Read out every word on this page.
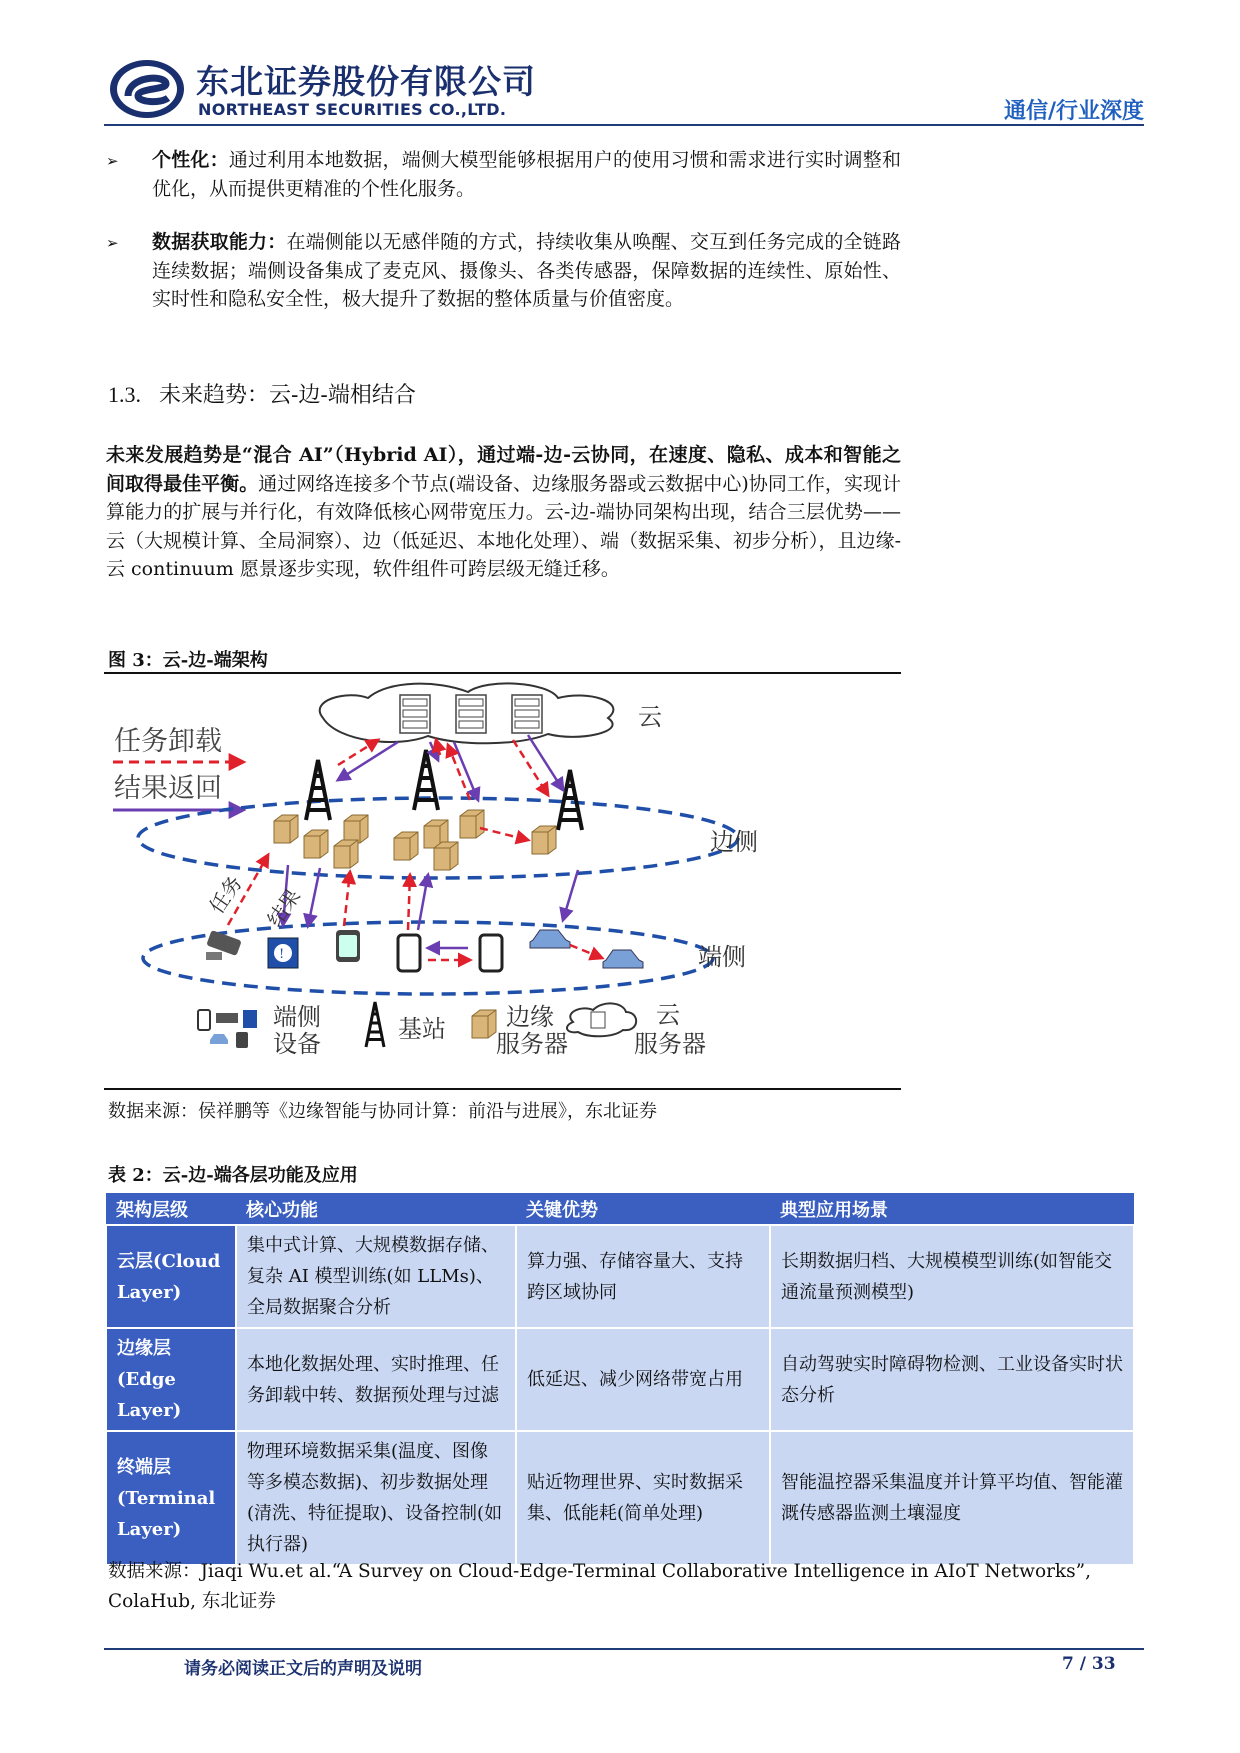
东北证券股份有限公司
NORTHEAST SECURITIES CO.,LTD.	通信/行业深度
➢ 个性化：通过利用本地数据，端侧大模型能够根据用户的使用习惯和需求进行实时调整和优化，从而提供更精准的个性化服务。
➢ 数据获取能力：在端侧能以无感伴随的方式，持续收集从唤醒、交互到任务完成的全链路连续数据；端侧设备集成了麦克风、摄像头、各类传感器，保障数据的连续性、原始性、实时性和隐私安全性，极大提升了数据的整体质量与价值密度。
1.3. 未来趋势：云-边-端相结合
未来发展趋势是“混合 AI”（Hybrid AI），通过端-边-云协同，在速度、隐私、成本和智能之间取得最佳平衡。通过网络连接多个节点(端设备、边缘服务器或云数据中心)协同工作，实现计算能力的扩展与并行化，有效降低核心网带宽压力。云-边-端协同架构出现，结合三层优势——云（大规模计算、全局洞察）、边（低延迟、本地化处理）、端（数据采集、初步分析），且边缘-云 continuum 愿景逐步实现，软件组件可跨层级无缝迁移。
图 3：云-边-端架构
云
任务卸载
结果返回
边侧
端侧
任务 结果
!
端侧
设备
基站	边缘
服务器
云
服务器
数据来源：侯祥鹏等《边缘智能与协同计算：前沿与进展》，东北证券
表 2：云-边-端各层功能及应用
架构层级	核心功能	关键优势	典型应用场景
云层(Cloud Layer)	集中式计算、大规模数据存储、复杂 AI 模型训练(如 LLMs)、全局数据聚合分析	算力强、存储容量大、支持跨区域协同	长期数据归档、大规模模型训练(如智能交通流量预测模型)
边缘层(Edge Layer)	本地化数据处理、实时推理、任务卸载中转、数据预处理与过滤	低延迟、减少网络带宽占用	自动驾驶实时障碍物检测、工业设备实时状态分析
终端层(Terminal Layer)	物理环境数据采集(温度、图像等多模态数据)、初步数据处理(清洗、特征提取)、设备控制(如执行器)	贴近物理世界、实时数据采集、低能耗(简单处理)	智能温控器采集温度并计算平均值、智能灌溉传感器监测土壤湿度
数据来源：Jiaqi Wu.et al.“A Survey on Cloud-Edge-Terminal Collaborative Intelligence in AIoT Networks”, ColaHub, 东北证券
请务必阅读正文后的声明及说明	7 / 33
